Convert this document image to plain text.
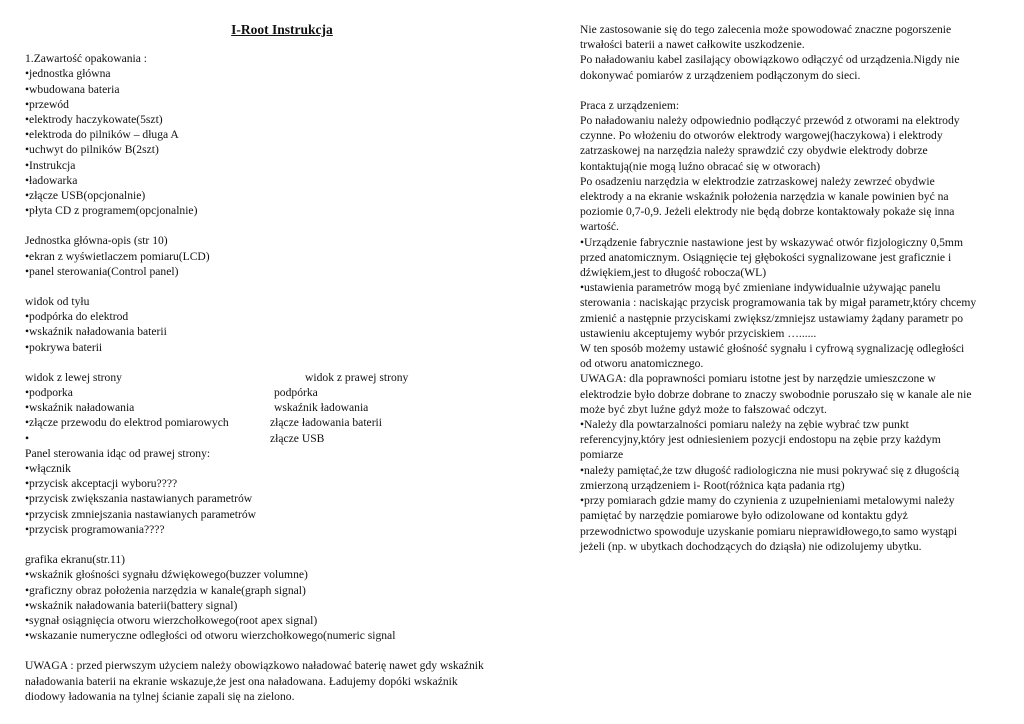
I-Root Instrukcja
1.Zawartość opakowania :
•jednostka główna
•wbudowana bateria
•przewód
•elektrody haczykowate(5szt)
•elektroda do pilników – długa A
•uchwyt do pilników B(2szt)
•Instrukcja
•ładowarka
•złącze USB(opcjonalnie)
•płyta CD z programem(opcjonalnie)
Jednostka główna-opis (str 10)
•ekran z wyświetlaczem pomiaru(LCD)
•panel sterowania(Control panel)
widok od tyłu
•podpórka do elektrod
•wskaźnik naładowania baterii
•pokrywa baterii
widok z lewej strony	widok z prawej strony
•podporka	podpórka
•wskaźnik naładowania	wskaźnik ładowania
•złącze przewodu do elektrod pomiarowych	złącze ładowania baterii
•	złącze USB
Panel sterowania idąc od prawej strony:
•włącznik
•przycisk akceptacji wyboru????
•przycisk zwiększania nastawianych parametrów
•przycisk zmniejszania nastawianych parametrów
•przycisk programowania????
grafika ekranu(str.11)
•wskaźnik głośności sygnału dźwiękowego(buzzer volumne)
•graficzny obraz położenia narzędzia w kanale(graph signal)
•wskaźnik naładowania baterii(battery signal)
•sygnał osiągnięcia otworu wierzchołkowego(root apex signal)
•wskazanie numeryczne odległości od otworu wierzchołkowego(numeric signal
UWAGA : przed pierwszym użyciem należy obowiązkowo naładować baterię nawet gdy wskaźnik
naładowania baterii na ekranie wskazuje,że jest ona naładowana. Ładujemy dopóki wskaźnik
diodowy ładowania na tylnej ścianie zapali się na zielono.
Nie zastosowanie się do tego zalecenia może spowodować znaczne pogorszenie
trwałości baterii a nawet całkowite uszkodzenie.
Po naładowaniu kabel zasilający obowiązkowo odłączyć od urządzenia.Nigdy nie
dokonywać pomiarów z urządzeniem podłączonym do sieci.
Praca z urządzeniem:
Po naładowaniu należy odpowiednio podłączyć przewód z otworami na elektrody
czynne. Po włożeniu do otworów elektrody wargowej(haczykowa) i elektrody
zatrzaskowej na narzędzia należy sprawdzić czy obydwie elektrody dobrze
kontaktują(nie mogą luźno obracać się w otworach)
Po osadzeniu narzędzia w elektrodzie zatrzaskowej należy zewrzeć obydwie
elektrody a na ekranie wskaźnik położenia narzędzia w kanale powinien być na
poziomie 0,7-0,9. Jeżeli elektrody nie będą dobrze kontaktowały pokaże się inna
wartość.
•Urządzenie fabrycznie nastawione jest by wskazywać otwór fizjologiczny 0,5mm
przed anatomicznym. Osiągnięcie tej głębokości sygnalizowane jest graficznie i
dźwiękiem,jest to długość robocza(WL)
•ustawienia parametrów mogą być zmieniane indywidualnie używając panelu
sterowania : naciskając przycisk programowania tak by migał parametr,który chcemy
zmienić a następnie przyciskami zwiększ/zmniejsz ustawiamy żądany parametr po
ustawieniu akceptujemy wybór przyciskiem …......
W ten sposób możemy ustawić głośność sygnału i cyfrową sygnalizację odległości
od otworu anatomicznego.
UWAGA: dla poprawności pomiaru istotne jest by narzędzie umieszczone w
elektrodzie było dobrze dobrane to znaczy swobodnie poruszało się w kanale ale nie
może być zbyt luźne gdyż może to fałszować odczyt.
•Należy dla powtarzalności pomiaru należy na zębie wybrać tzw punkt
referencyjny,który jest odniesieniem pozycji endostopu na zębie przy każdym
pomiarze
•należy pamiętać,że tzw długość radiologiczna nie musi pokrywać się z długością
zmierzoną urządzeniem i- Root(różnica kąta padania rtg)
•przy pomiarach gdzie mamy do czynienia z uzupełnieniami metalowymi należy
pamiętać by narzędzie pomiarowe było odizolowane od kontaktu gdyż
przewodnictwo spowoduje uzyskanie pomiaru nieprawidłowego,to samo wystąpi
jeżeli (np. w ubytkach dochodzących do dziąsła) nie odizolujemy ubytku.
